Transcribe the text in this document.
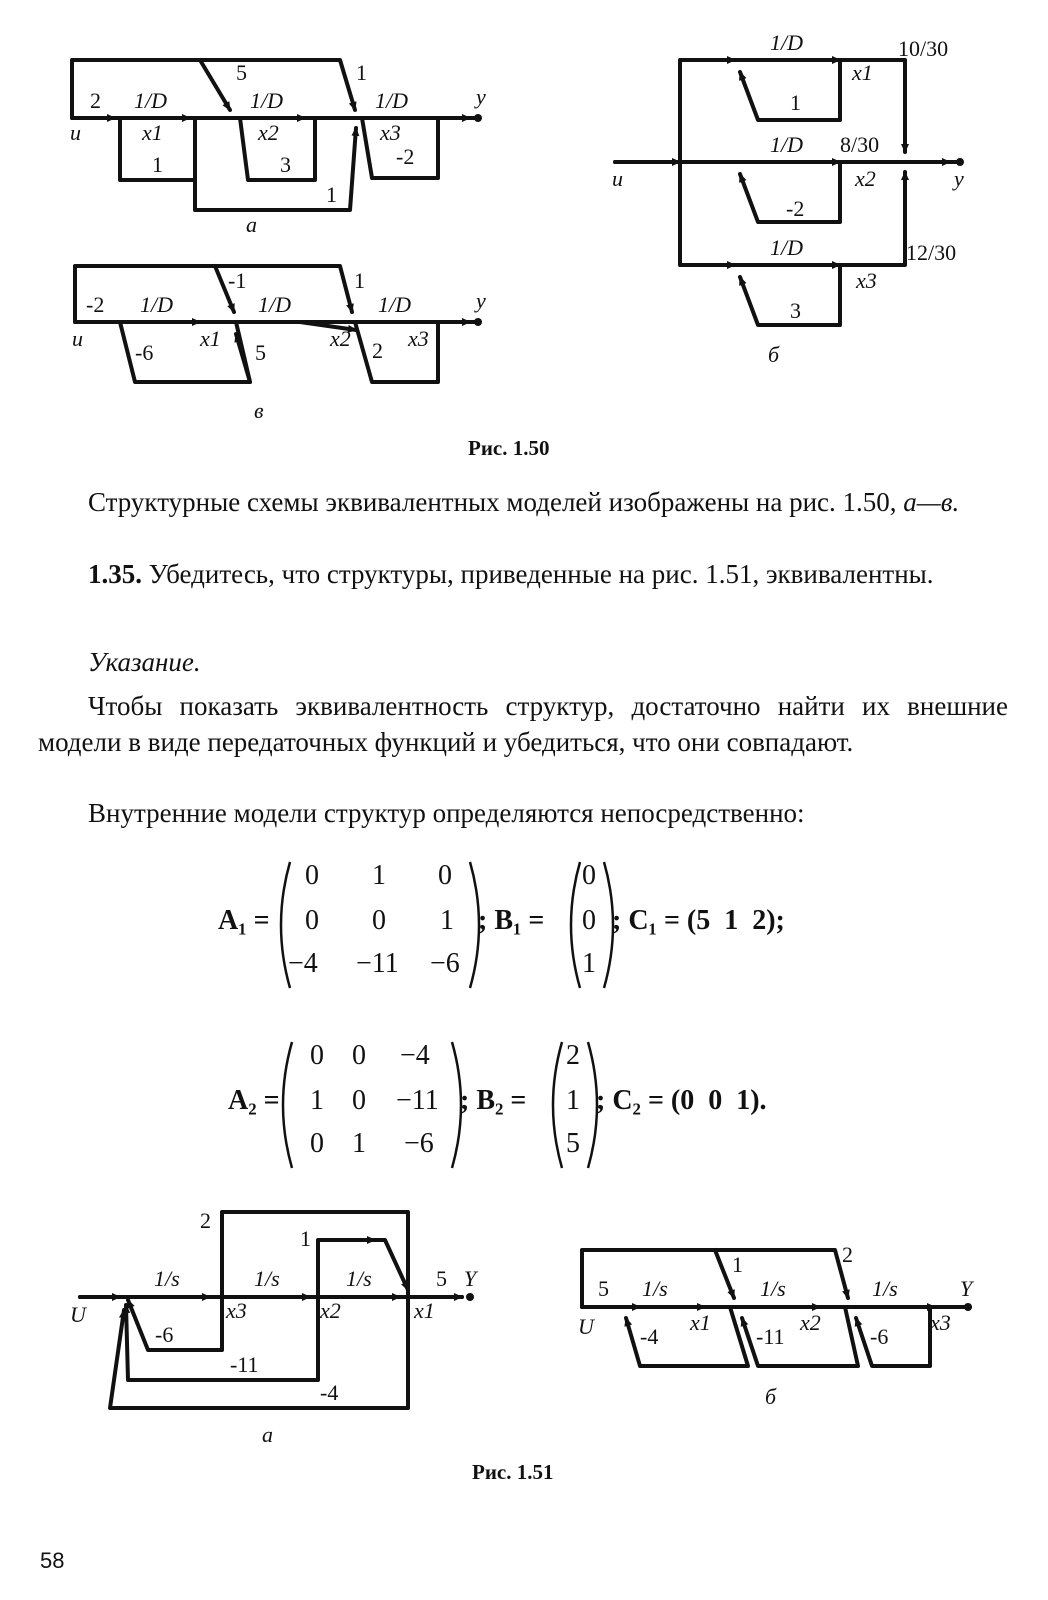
u
2 1/D
x1
5
1/D
x2
1
1/D
x3
y
1	3	-2
1
а
u
-2 1/D
x1
-6
-1
1/D
5
x2
1
1/D
2 x3
y
в
1/D	10/30
x1
1
u
1/D 8/30
x2	y
-2
1/D	12/30
x3
3
б
U
1/s
x3
1/s
x2
1/s
x1
5 Y
2
1
-6
-11
-4
а
U
5 1/s
x1
-4
1
1/s
-11
x2
2
1/s
-6
x3
Y
б
Рис. 1.50
Структурные схемы эквивалентных моделей изображены на рис. 1.50, а—в.
1.35. Убедитесь, что структуры, приведенные на рис. 1.51, эквивалентны.
Указание.
Чтобы показать эквивалентность структур, достаточно найти их внешние модели в виде передаточных функций и убедиться, что они совпадают.
Внутренние модели структур определяются непосредственно:
A₁ =
0 1 0
0 0 1
−4 −11 −6
; B₁ =
0
0
1
; C₁ = (5  1  2);
A₂ =
0 0 −4
1 0 −11
0 1 −6
; B₂ =
2
1
5
; C₂ = (0  0  1).
Рис. 1.51
58
